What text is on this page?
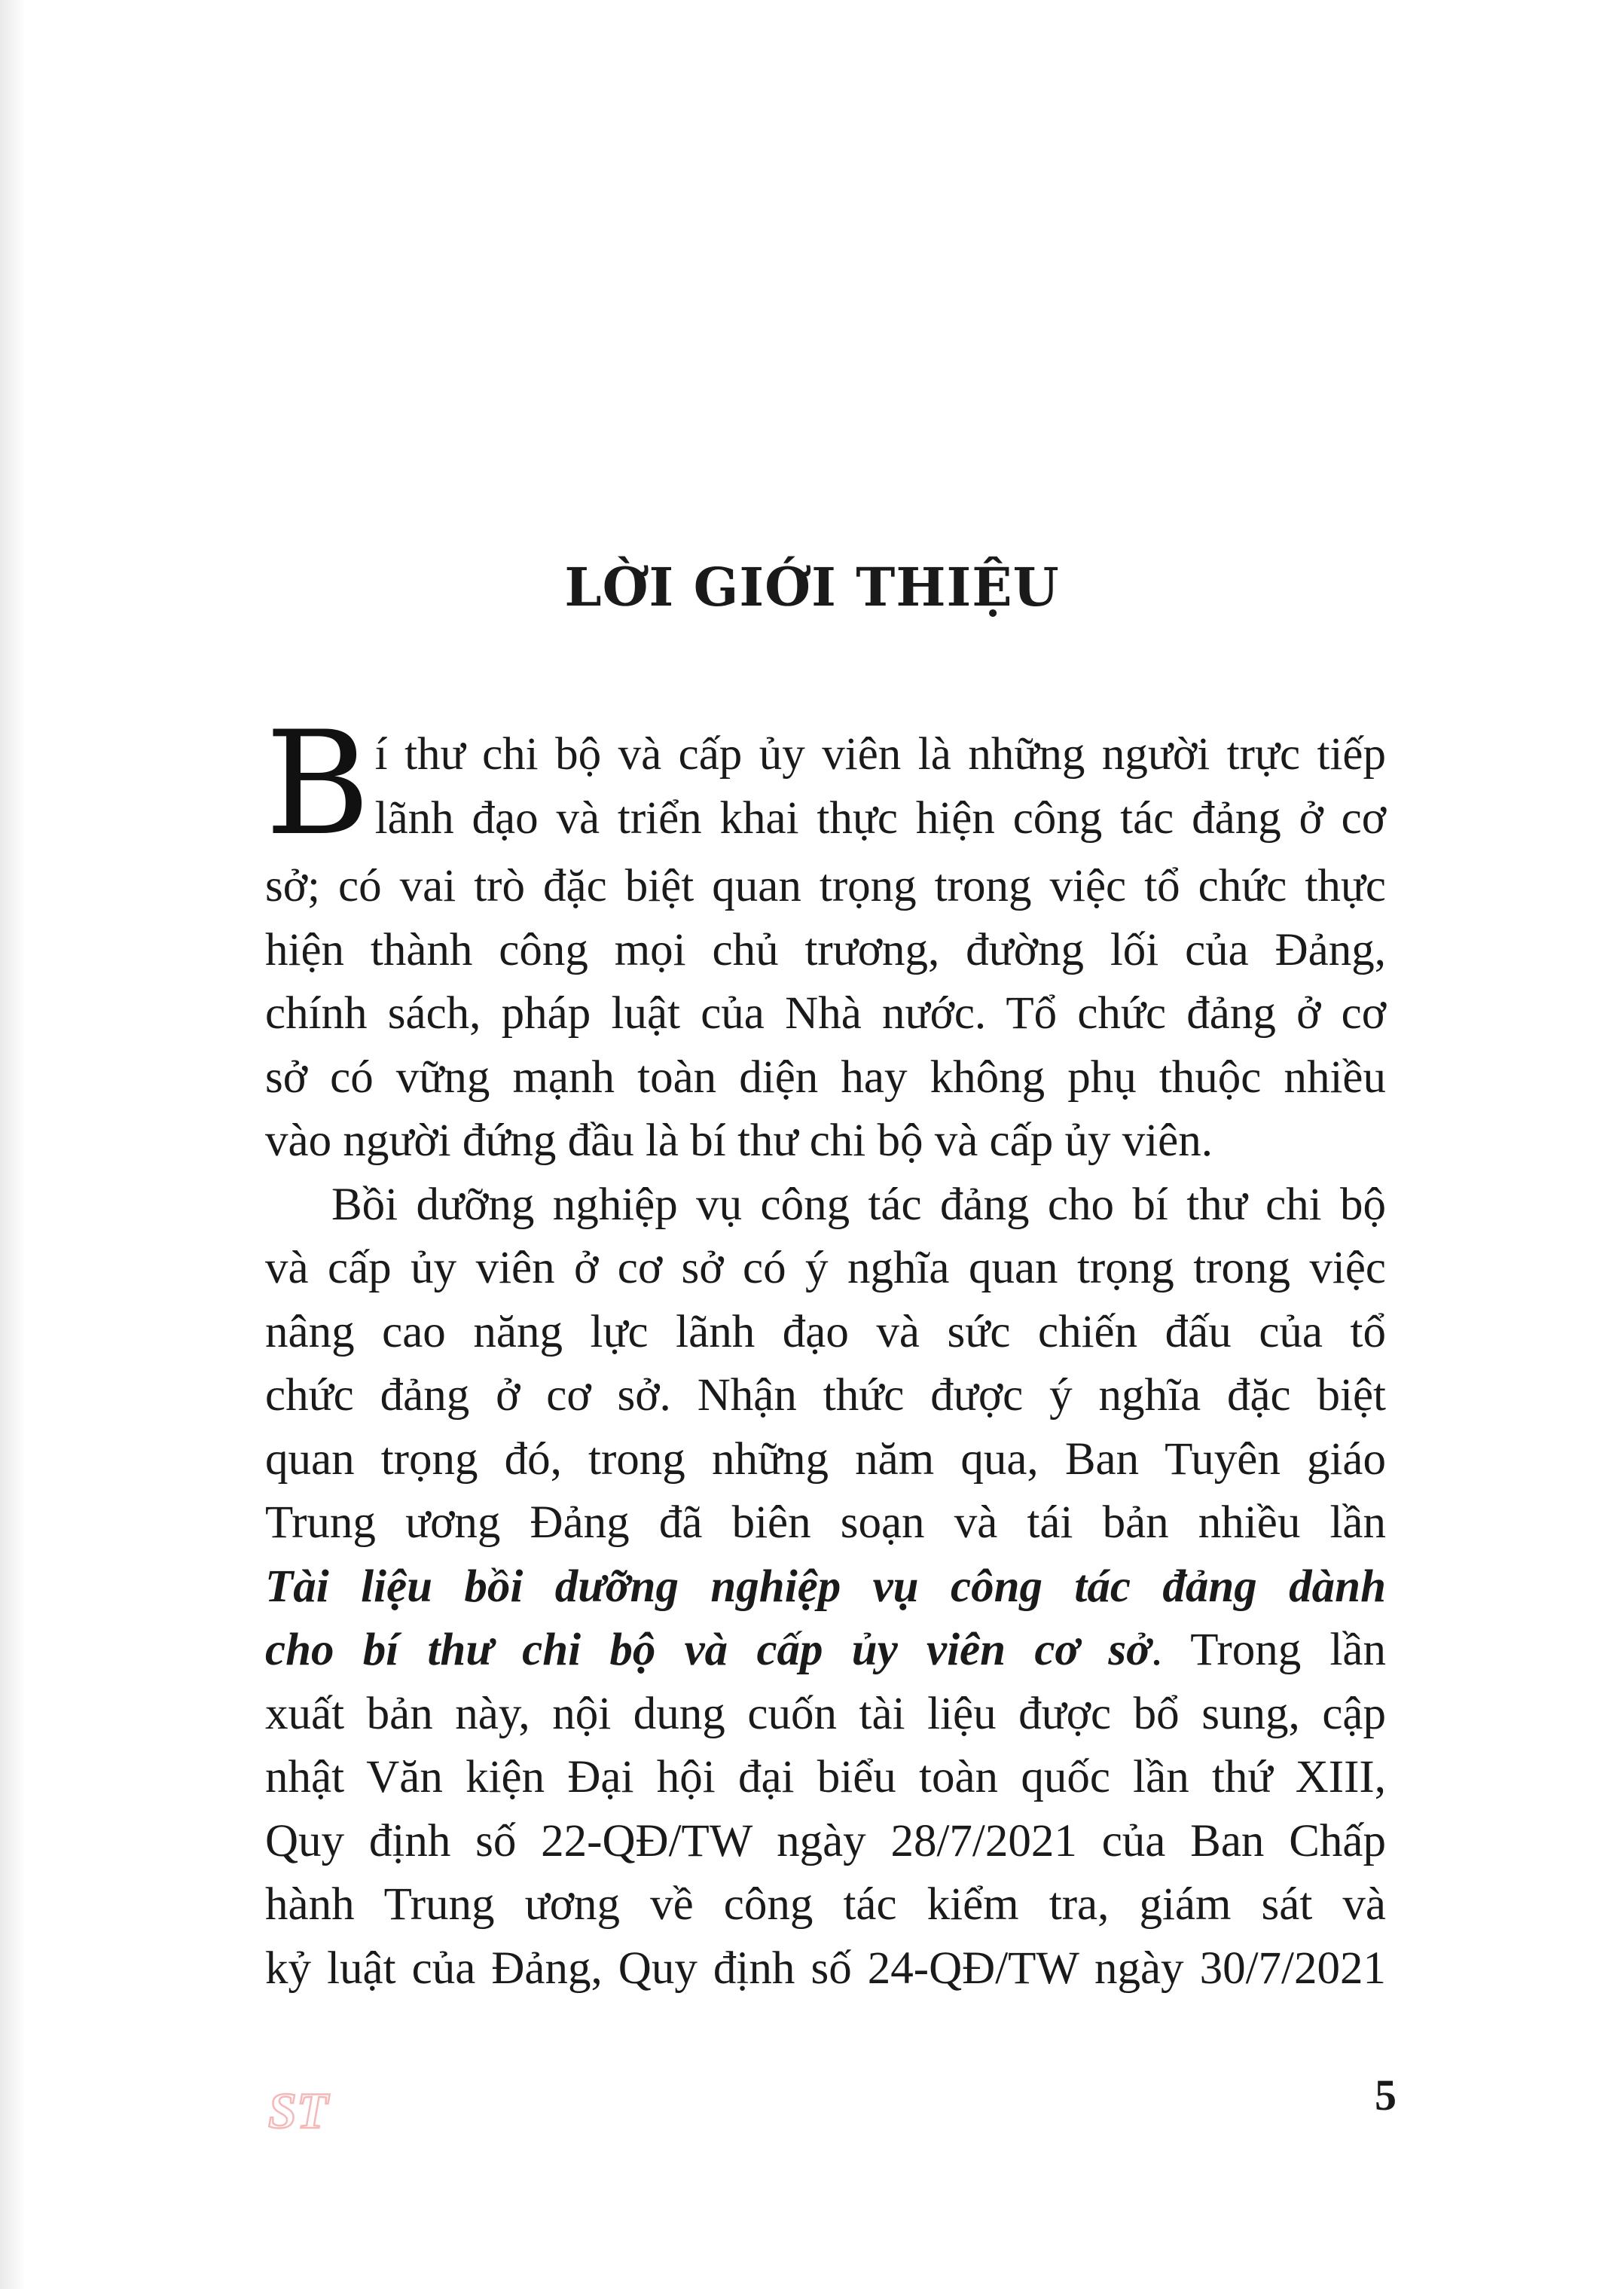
LỜI GIỚI THIỆU
B í thư chi bộ và cấp ủy viên là những người trực tiếp
lãnh đạo và triển khai thực hiện công tác đảng ở cơ
sở; có vai trò đặc biệt quan trọng trong việc tổ chức thực
hiện thành công mọi chủ trương, đường lối của Đảng,
chính sách, pháp luật của Nhà nước. Tổ chức đảng ở cơ
sở có vững mạnh toàn diện hay không phụ thuộc nhiều
vào người đứng đầu là bí thư chi bộ và cấp ủy viên.
Bồi dưỡng nghiệp vụ công tác đảng cho bí thư chi bộ
và cấp ủy viên ở cơ sở có ý nghĩa quan trọng trong việc
nâng cao năng lực lãnh đạo và sức chiến đấu của tổ
chức đảng ở cơ sở. Nhận thức được ý nghĩa đặc biệt
quan trọng đó, trong những năm qua, Ban Tuyên giáo
Trung ương Đảng đã biên soạn và tái bản nhiều lần
Tài liệu bồi dưỡng nghiệp vụ công tác đảng dành
cho bí thư chi bộ và cấp ủy viên cơ sở. Trong lần
xuất bản này, nội dung cuốn tài liệu được bổ sung, cập
nhật Văn kiện Đại hội đại biểu toàn quốc lần thứ XIII,
Quy định số 22-QĐ/TW ngày 28/7/2021 của Ban Chấp
hành Trung ương về công tác kiểm tra, giám sát và
kỷ luật của Đảng, Quy định số 24-QĐ/TW ngày 30/7/2021
ST	5
